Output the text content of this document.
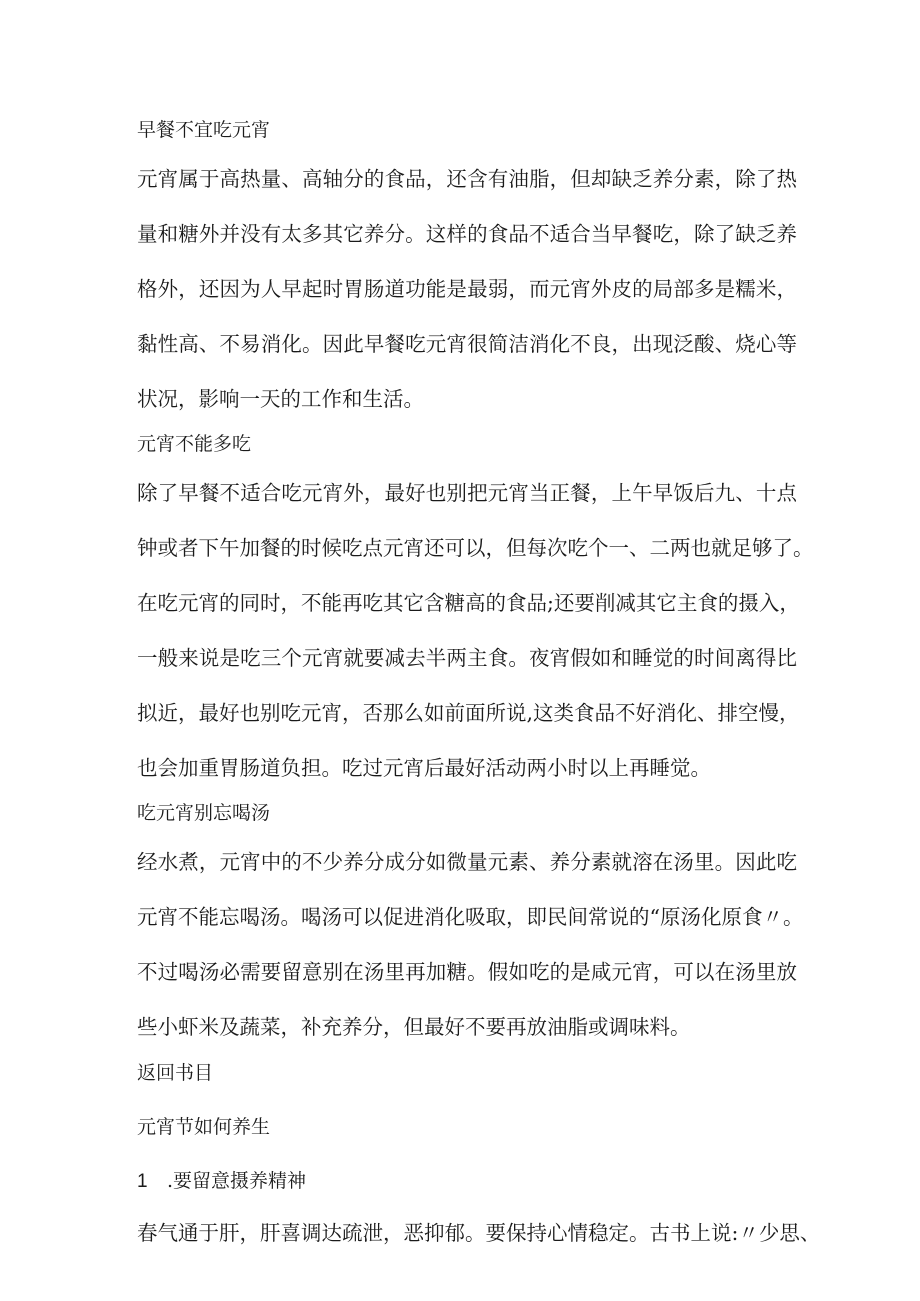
早餐不宜吃元宵
元宵属于高热量、高轴分的食品，还含有油脂，但却缺乏养分素，除了热
量和糖外并没有太多其它养分。这样的食品不适合当早餐吃，除了缺乏养
格外，还因为人早起时胃肠道功能是最弱，而元宵外皮的局部多是糯米，
黏性高、不易消化。因此早餐吃元宵很简洁消化不良，出现泛酸、烧心等
状况，影响一天的工作和生活。
元宵不能多吃
除了早餐不适合吃元宵外，最好也别把元宵当正餐，上午早饭后九、十点
钟或者下午加餐的时候吃点元宵还可以，但每次吃个一、二两也就足够了。
在吃元宵的同时，不能再吃其它含糖高的食品;还要削减其它主食的摄入，
一般来说是吃三个元宵就要减去半两主食。夜宵假如和睡觉的时间离得比
拟近，最好也别吃元宵，否那么如前面所说,这类食品不好消化、排空慢，
也会加重胃肠道负担。吃过元宵后最好活动两小时以上再睡觉。
吃元宵别忘喝汤
经水煮，元宵中的不少养分成分如微量元素、养分素就溶在汤里。因此吃
元宵不能忘喝汤。喝汤可以促进消化吸取，即民间常说的“原汤化原食〃。
不过喝汤必需要留意别在汤里再加糖。假如吃的是咸元宵，可以在汤里放
些小虾米及蔬菜，补充养分，但最好不要再放油脂或调味料。
返回书目
元宵节如何养生
1 .要留意摄养精神
春气通于肝，肝喜调达疏泄，恶抑郁。要保持心情稳定。古书上说:〃少思、
